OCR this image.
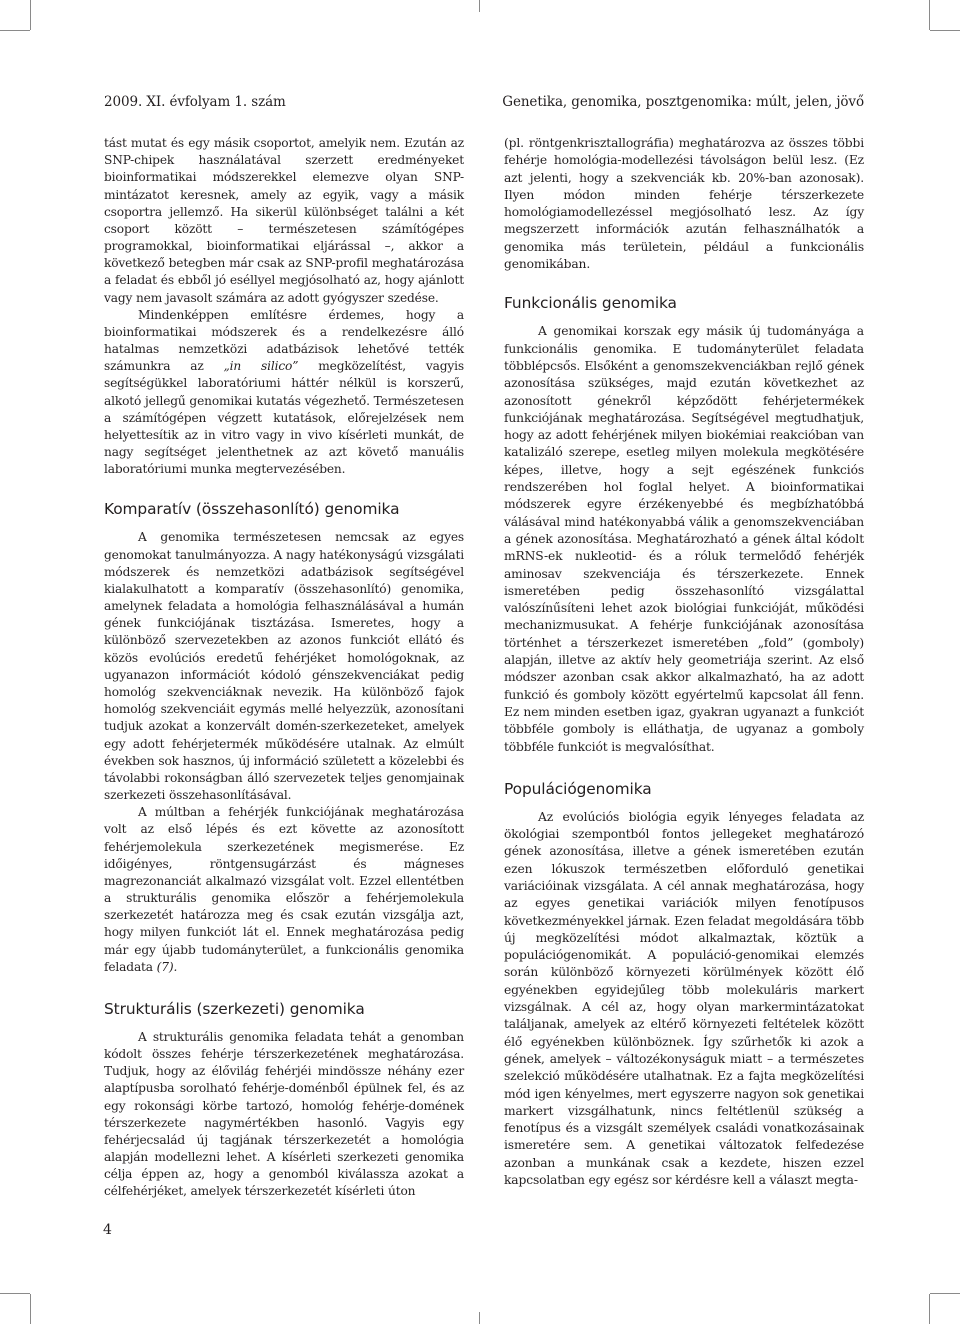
2009. XI. évfolyam 1. szám	Genetika, genomika, posztgenomika: múlt, jelen, jövő

tást mutat és egy másik csoportot, amelyik nem. Ezután az SNP-chipek használatával szerzett eredményeket bioinformatikai módszerekkel elemezve olyan SNP-mintázatot keresnek, amely az egyik, vagy a másik csoportra jellemző. Ha sikerül különbséget találni a két csoport között – természetesen számítógépes programokkal, bioinformatikai eljárással –, akkor a következő betegben már csak az SNP-profil meghatározása a feladat és ebből jó eséllyel megjósolható az, hogy ajánlott vagy nem javasolt számára az adott gyógyszer szedése.

Mindenképpen említésre érdemes, hogy a bioinformatikai módszerek és a rendelkezésre álló hatalmas nemzetközi adatbázisok lehetővé tették számunkra az „in silico” megközelítést, vagyis segítségükkel laboratóriumi háttér nélkül is korszerű, alkotó jellegű genomikai kutatás végezhető. Természetesen a számítógépen végzett kutatások, előrejelzések nem helyettesítik az in vitro vagy in vivo kísérleti munkát, de nagy segítséget jelenthetnek az azt követő manuális laboratóriumi munka megtervezésében.

Komparatív (összehasonlító) genomika

A genomika természetesen nemcsak az egyes genomokat tanulmányozza. A nagy hatékonyságú vizsgálati módszerek és nemzetközi adatbázisok segítségével kialakulhatott a komparatív (összehasonlító) genomika, amelynek feladata a homológia felhasználásával a humán gének funkciójának tisztázása. Ismeretes, hogy a különböző szervezetekben az azonos funkciót ellátó és közös evolúciós eredetű fehérjéket homológoknak, az ugyanazon információt kódoló génszekvenciákat pedig homológ szekvenciáknak nevezik. Ha különböző fajok homológ szekvenciáit egymás mellé helyezzük, azonosítani tudjuk azokat a konzervált domén-szerkezeteket, amelyek egy adott fehérjetermék működésére utalnak. Az elmúlt években sok hasznos, új információ született a közelebbi és távolabbi rokonságban álló szervezetek teljes genomjainak szerkezeti összehasonlításával.

A múltban a fehérjék funkciójának meghatározása volt az első lépés és ezt követte az azonosított fehérjemolekula szerkezetének megismerése. Ez időigényes, röntgensugárzást és mágneses magrezonanciát alkalmazó vizsgálat volt. Ezzel ellentétben a strukturális genomika először a fehérjemolekula szerkezetét határozza meg és csak ezután vizsgálja azt, hogy milyen funkciót lát el. Ennek meghatározása pedig már egy újabb tudományterület, a funkcionális genomika feladata (7).

Strukturális (szerkezeti) genomika

A strukturális genomika feladata tehát a genomban kódolt összes fehérje térszerkezetének meghatározása. Tudjuk, hogy az élővilág fehérjéi mindössze néhány ezer alaptípusba sorolható fehérje-doménből épülnek fel, és az egy rokonsági körbe tartozó, homológ fehérje-domének térszerkezete nagymértékben hasonló. Vagyis egy fehérjecsalád új tagjának térszerkezetét a homológia alapján modellezni lehet. A kísérleti szerkezeti genomika célja éppen az, hogy a genomból kiválassza azokat a célfehérjéket, amelyek térszerkezetét kísérleti úton

(pl. röntgenkrisztallográfia) meghatározva az összes többi fehérje homológia-modellezési távolságon belül lesz. (Ez azt jelenti, hogy a szekvenciák kb. 20%-ban azonosak). Ilyen módon minden fehérje térszerkezete homológiamodellezéssel megjósolható lesz. Az így megszerzett információk azután felhasználhatók a genomika más területein, például a funkcionális genomikában.

Funkcionális genomika

A genomikai korszak egy másik új tudományága a funkcionális genomika. E tudományterület feladata többlépcsős. Elsőként a genomszekvenciákban rejlő gének azonosítása szükséges, majd ezután következhet az azonosított génekről képződött fehérjetermékek funkciójának meghatározása. Segítségével megtudhatjuk, hogy az adott fehérjének milyen biokémiai reakcióban van katalizáló szerepe, esetleg milyen molekula megkötésére képes, illetve, hogy a sejt egészének funkciós rendszerében hol foglal helyet. A bioinformatikai módszerek egyre érzékenyebbé és megbízhatóbbá válásával mind hatékonyabbá válik a genomszekvenciában a gének azonosítása. Meghatározható a gének által kódolt mRNS-ek nukleotid- és a róluk termelődő fehérjék aminosav szekvenciája és térszerkezete. Ennek ismeretében pedig összehasonlító vizsgálattal valószínűsíteni lehet azok biológiai funkcióját, működési mechanizmusukat. A fehérje funkciójának azonosítása történhet a térszerkezet ismeretében „fold” (gomboly) alapján, illetve az aktív hely geometriája szerint. Az első módszer azonban csak akkor alkalmazható, ha az adott funkció és gomboly között egyértelmű kapcsolat áll fenn. Ez nem minden esetben igaz, gyakran ugyanazt a funkciót többféle gomboly is elláthatja, de ugyanaz a gomboly többféle funkciót is megvalósíthat.

Populációgenomika

Az evolúciós biológia egyik lényeges feladata az ökológiai szempontból fontos jellegeket meghatározó gének azonosítása, illetve a gének ismeretében ezután ezen lókuszok természetben előforduló genetikai variációinak vizsgálata. A cél annak meghatározása, hogy az egyes genetikai variációk milyen fenotípusos következményekkel járnak. Ezen feladat megoldására több új megközelítési módot alkalmaztak, köztük a populációgenomikát. A populáció-genomikai elemzés során különböző környezeti körülmények között élő egyénekben egyidejűleg több molekuláris markert vizsgálnak. A cél az, hogy olyan markermintázatokat találjanak, amelyek az eltérő környezeti feltételek között élő egyénekben különböznek. Így szűrhetők ki azok a gének, amelyek – változékonyságuk miatt – a természetes szelekció működésére utalhatnak. Ez a fajta megközelítési mód igen kényelmes, mert egyszerre nagyon sok genetikai markert vizsgálhatunk, nincs feltétlenül szükség a fenotípus és a vizsgált személyek családi vonatkozásainak ismeretére sem. A genetikai változatok felfedezése azonban a munkának csak a kezdete, hiszen ezzel kapcsolatban egy egész sor kérdésre kell a választ megta-

4
